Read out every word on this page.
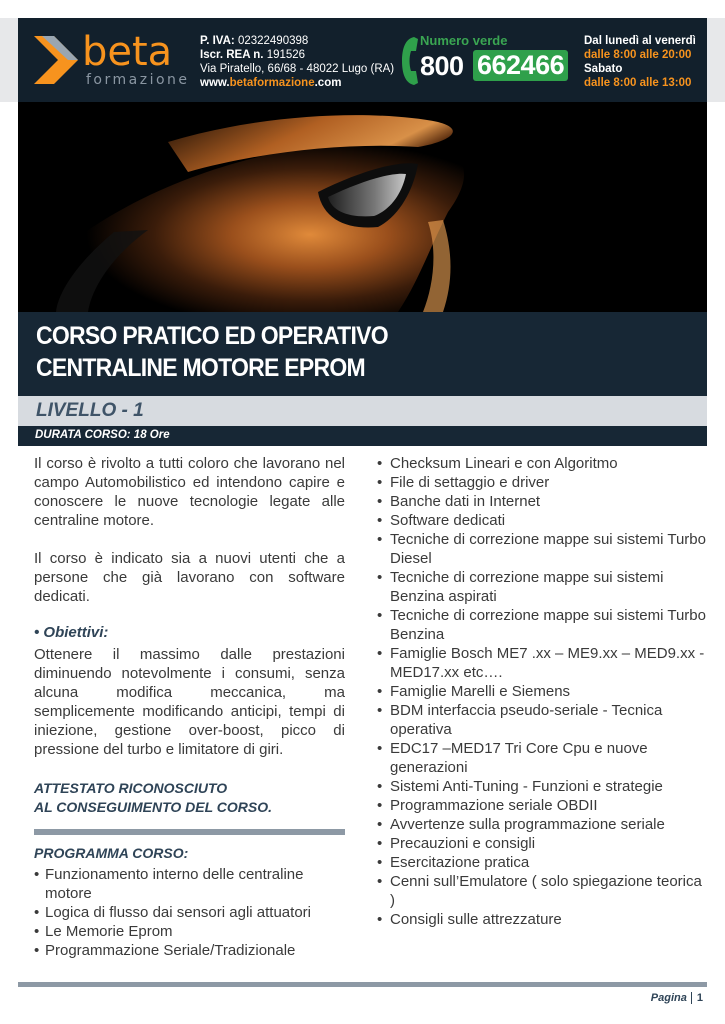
beta
formazione
P. IVA: 02322490398
Iscr. REA n. 191526
Via Piratello, 66/68 - 48022 Lugo (RA)
www.betaformazione.com
Numero verde
800 662466
Dal lunedì al venerdì
dalle 8:00 alle 20:00
Sabato
dalle 8:00 alle 13:00
CORSO PRATICO ED OPERATIVO
CENTRALINE MOTORE EPROM
LIVELLO - 1
DURATA CORSO: 18 Ore

Il corso è rivolto a tutti coloro che lavorano nel campo Automobilistico ed intendono capire e conoscere le nuove tecnologie legate alle centraline motore.

Il corso è indicato sia a nuovi utenti che a persone che già lavorano con software dedicati.

• Obiettivi:

Ottenere il massimo dalle prestazioni diminuendo notevolmente i consumi, senza alcuna modifica meccanica, ma semplicemente modificando anticipi, tempi di iniezione, gestione over-boost, picco di pressione del turbo e limitatore di giri.

ATTESTATO RICONOSCIUTO
AL CONSEGUIMENTO DEL CORSO.
PROGRAMMA CORSO:
• Funzionamento interno delle centraline motore
• Logica di flusso dai sensori agli attuatori
• Le Memorie Eprom
• Programmazione Seriale/Tradizionale
• Checksum Lineari e con Algoritmo
• File di settaggio e driver
• Banche dati in Internet
• Software dedicati
• Tecniche di correzione mappe sui sistemi Turbo Diesel
• Tecniche di correzione mappe sui sistemi Benzina aspirati
• Tecniche di correzione mappe sui sistemi Turbo Benzina
• Famiglie Bosch ME7 .xx – ME9.xx – MED9.xx - MED17.xx etc….
• Famiglie Marelli e Siemens
• BDM interfaccia pseudo-seriale - Tecnica operativa
• EDC17 –MED17 Tri Core Cpu e nuove generazioni
• Sistemi Anti-Tuning - Funzioni e strategie
• Programmazione seriale OBDII
• Avvertenze sulla programmazione seriale
• Precauzioni e consigli
• Esercitazione pratica
• Cenni sull’Emulatore ( solo spiegazione teorica )
• Consigli sulle attrezzature
Pagina 1
